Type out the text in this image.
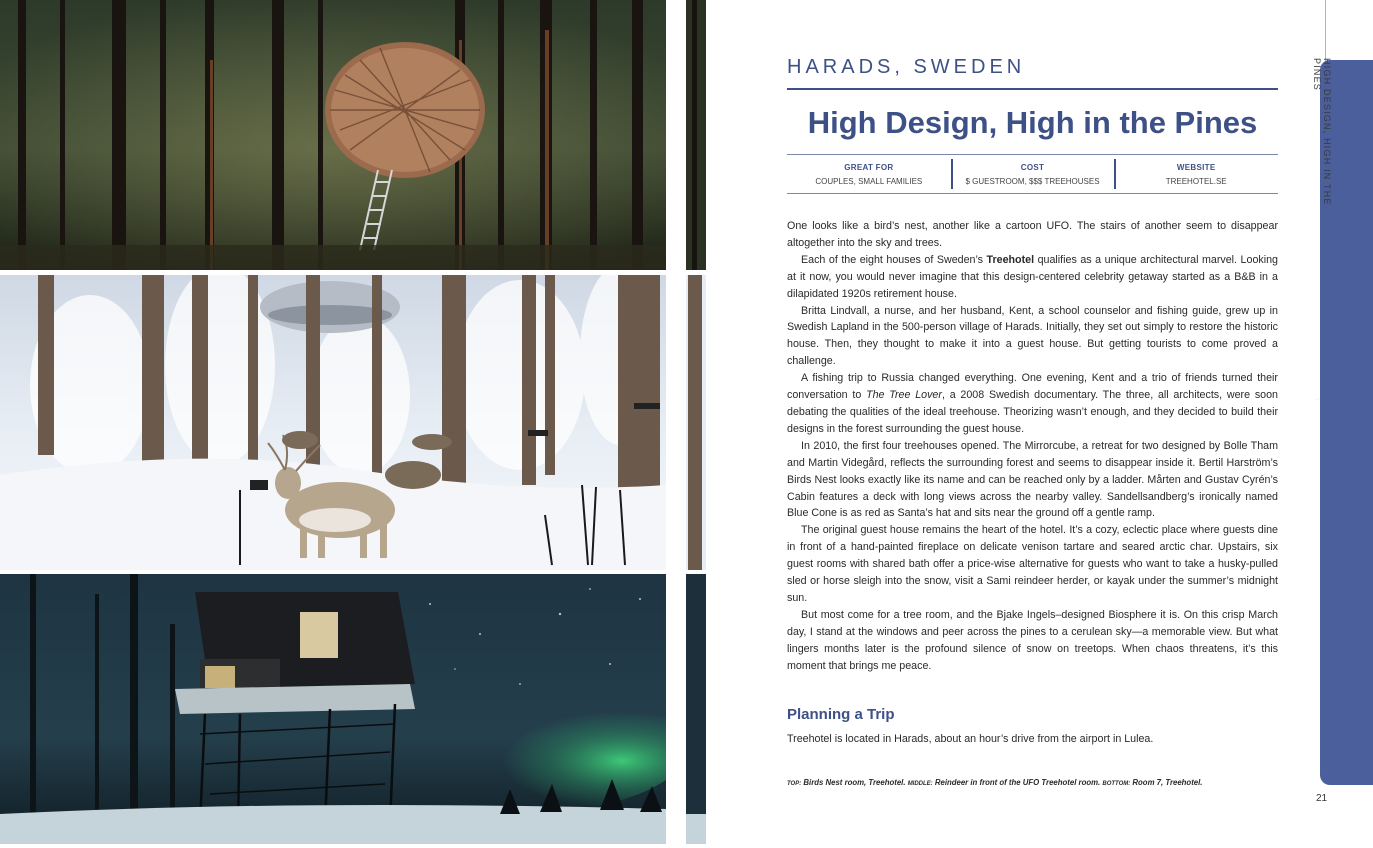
HIGH DESIGN, HIGH IN THE PINES
HARADS, SWEDEN
High Design, High in the Pines
GREAT FOR
COUPLES, SMALL FAMILIES
COST
$ GUESTROOM, $$$ TREEHOUSES
WEBSITE
TREEHOTEL.SE

One looks like a bird’s nest, another like a cartoon UFO. The stairs of another seem to disappear altogether into the sky and trees.

Each of the eight houses of Sweden’s Treehotel qualifies as a unique architectural marvel. Looking at it now, you would never imagine that this design-centered celebrity getaway started as a B&B in a dilapidated 1920s retirement house.

Britta Lindvall, a nurse, and her husband, Kent, a school counselor and fishing guide, grew up in Swedish Lapland in the 500-person village of Harads. Initially, they set out simply to restore the historic house. Then, they thought to make it into a guest house. But getting tourists to come proved a challenge.

A fishing trip to Russia changed everything. One evening, Kent and a trio of friends turned their conversation to The Tree Lover, a 2008 Swedish documentary. The three, all architects, were soon debating the qualities of the ideal treehouse. Theorizing wasn’t enough, and they decided to build their designs in the forest surrounding the guest house.

In 2010, the first four treehouses opened. The Mirrorcube, a retreat for two designed by Bolle Tham and Martin Videgård, reflects the surrounding forest and seems to disappear inside it. Bertil Harström’s Birds Nest looks exactly like its name and can be reached only by a ladder. Mårten and Gustav Cyrén’s Cabin features a deck with long views across the nearby valley. Sandellsandberg’s ironically named Blue Cone is as red as Santa’s hat and sits near the ground off a gentle ramp.

The original guest house remains the heart of the hotel. It’s a cozy, eclectic place where guests dine in front of a hand-painted fireplace on delicate venison tartare and seared arctic char. Upstairs, six guest rooms with shared bath offer a price-wise alternative for guests who want to take a husky-pulled sled or horse sleigh into the snow, visit a Sami reindeer herder, or kayak under the summer’s midnight sun.

But most come for a tree room, and the Bjake Ingels–designed Biosphere it is. On this crisp March day, I stand at the windows and peer across the pines to a cerulean sky—a memorable view. But what lingers months later is the profound silence of snow on treetops. When chaos threatens, it’s this moment that brings me peace.

Planning a Trip

Treehotel is located in Harads, about an hour’s drive from the airport in Lulea.

TOP: Birds Nest room, Treehotel. MIDDLE: Reindeer in front of the UFO Treehotel room. BOTTOM: Room 7, Treehotel.

21
